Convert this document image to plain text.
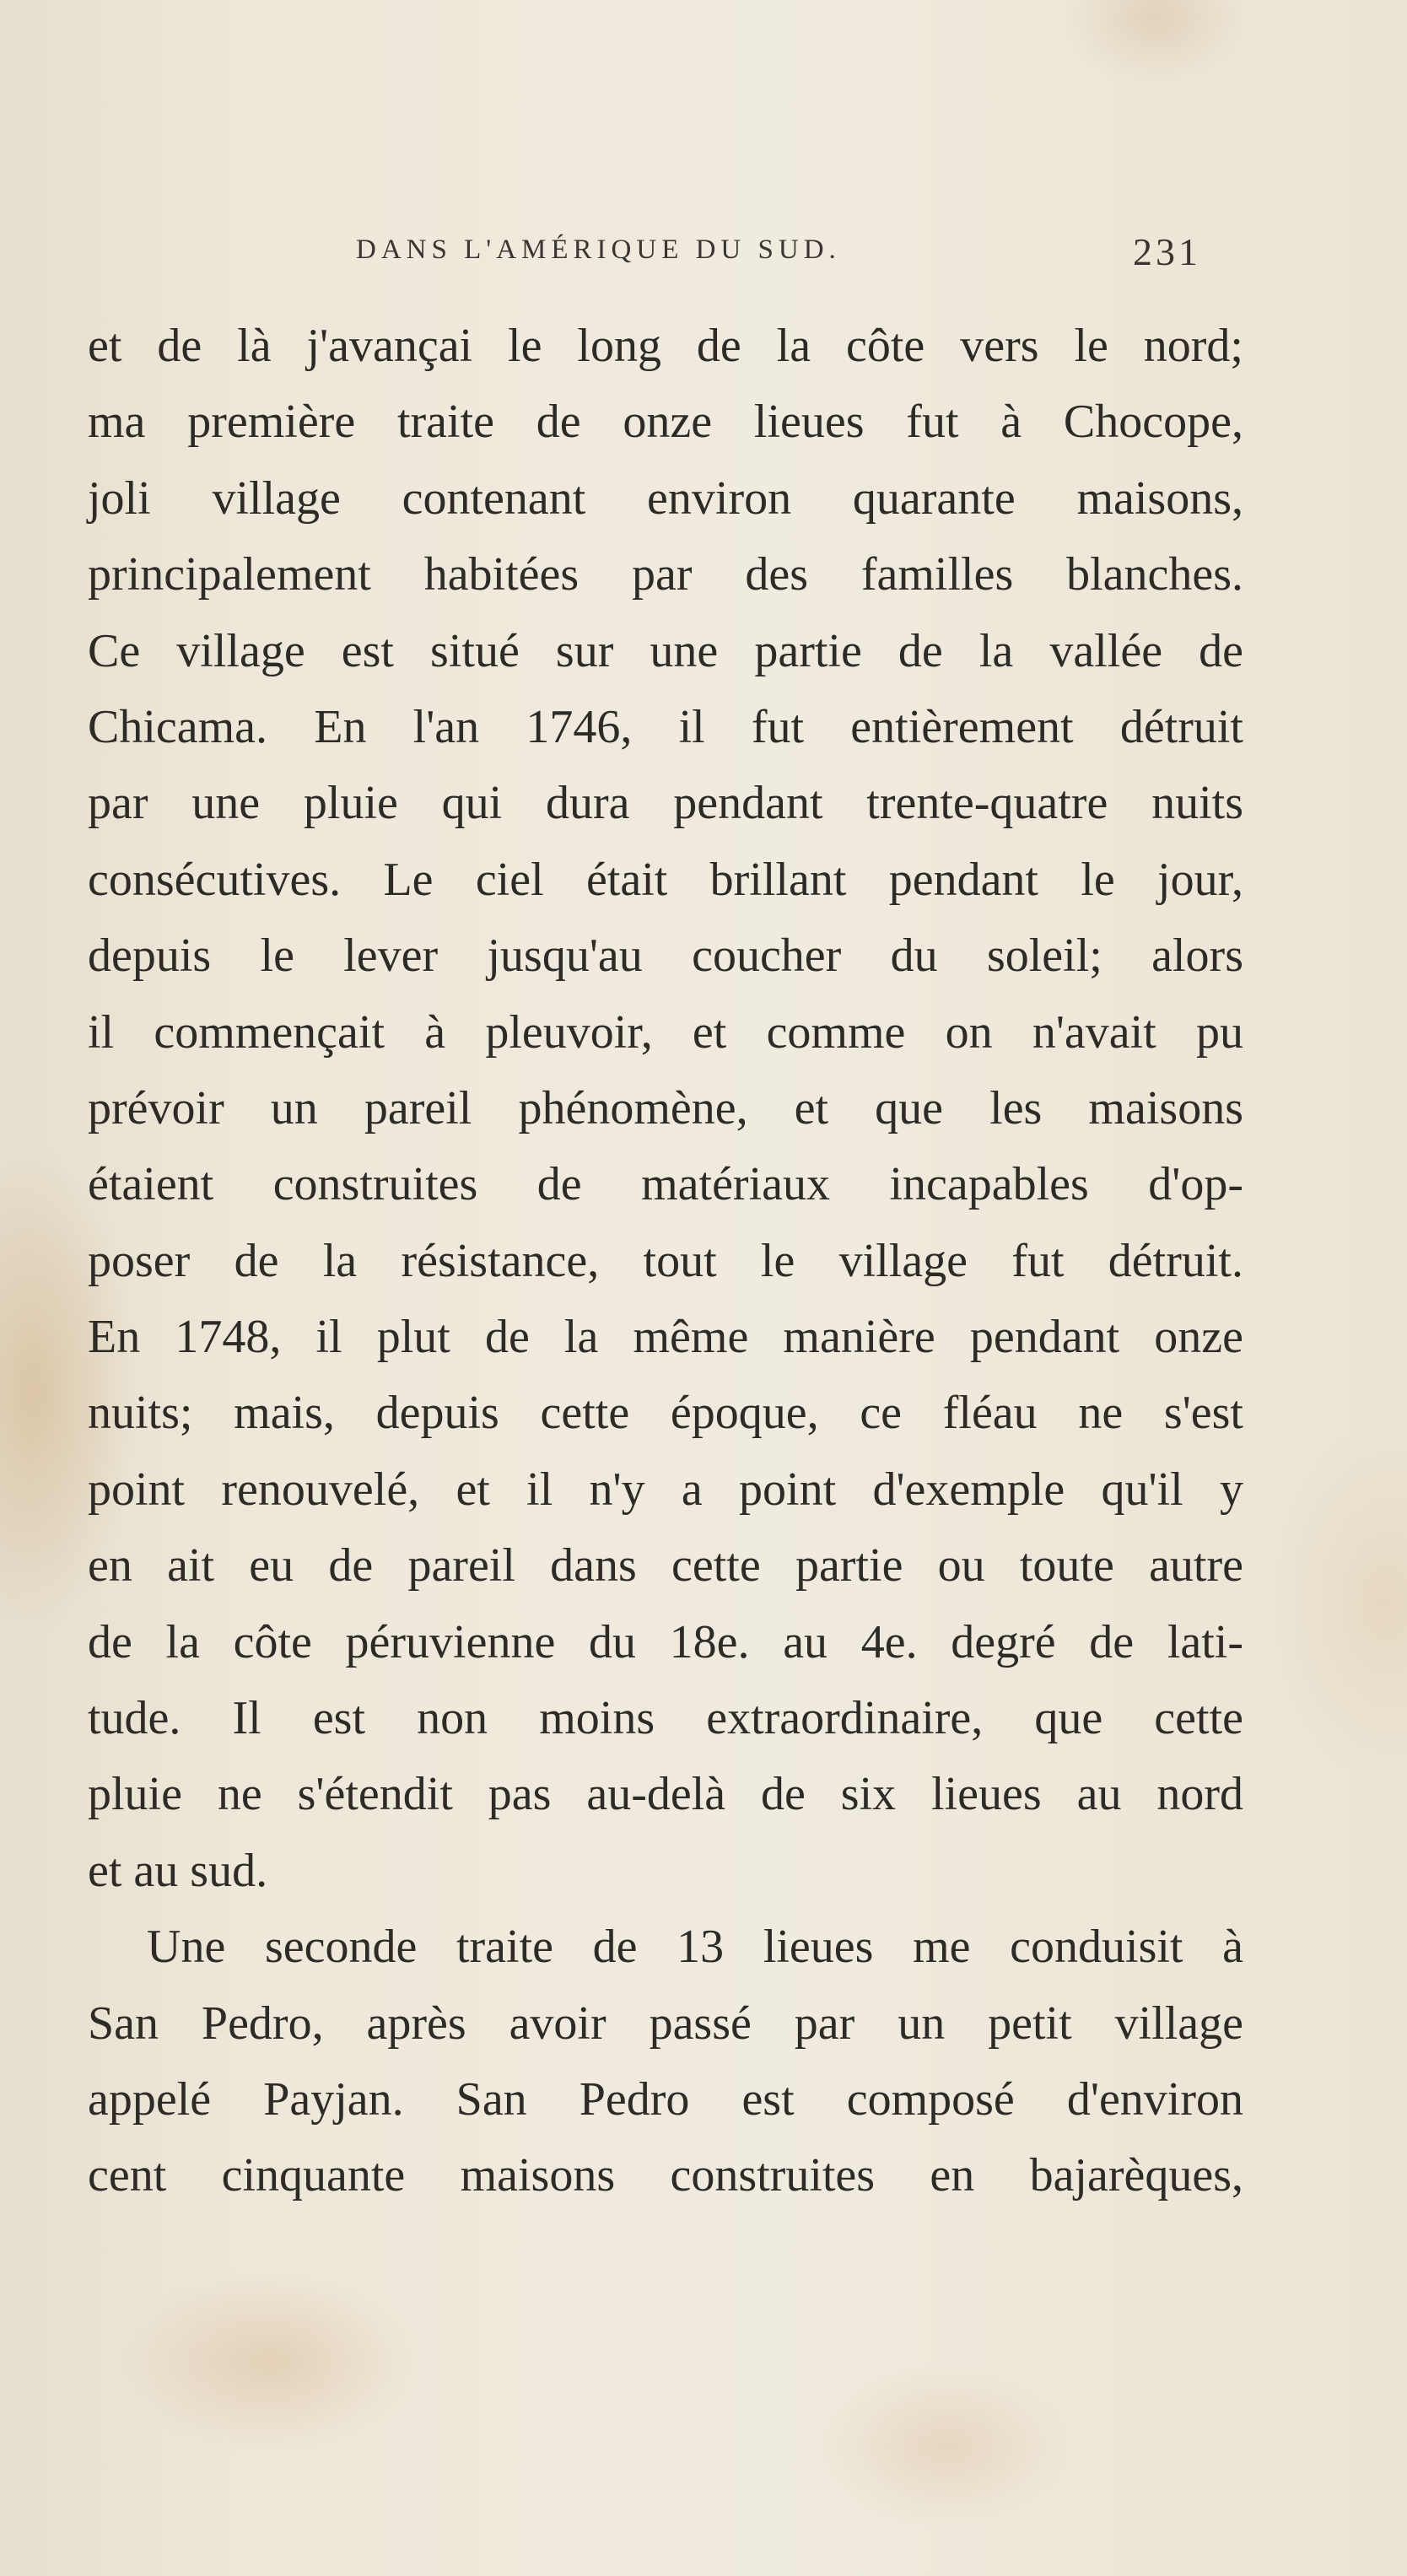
DANS L'AMÉRIQUE DU SUD.	231
et de là j'avançai le long de la côte vers le nord;
ma première traite de onze lieues fut à Chocope,
joli village contenant environ quarante maisons,
principalement habitées par des familles blanches.
Ce village est situé sur une partie de la vallée de
Chicama. En l'an 1746, il fut entièrement détruit
par une pluie qui dura pendant trente-quatre nuits
consécutives. Le ciel était brillant pendant le jour,
depuis le lever jusqu'au coucher du soleil; alors
il commençait à pleuvoir, et comme on n'avait pu
prévoir un pareil phénomène, et que les maisons
étaient construites de matériaux incapables d'op-
poser de la résistance, tout le village fut détruit.
En 1748, il plut de la même manière pendant onze
nuits; mais, depuis cette époque, ce fléau ne s'est
point renouvelé, et il n'y a point d'exemple qu'il y
en ait eu de pareil dans cette partie ou toute autre
de la côte péruvienne du 18e. au 4e. degré de lati-
tude. Il est non moins extraordinaire, que cette
pluie ne s'étendit pas au-delà de six lieues au nord
et au sud.
Une seconde traite de 13 lieues me conduisit à
San Pedro, après avoir passé par un petit village
appelé Payjan. San Pedro est composé d'environ
cent cinquante maisons construites en bajarèques,
